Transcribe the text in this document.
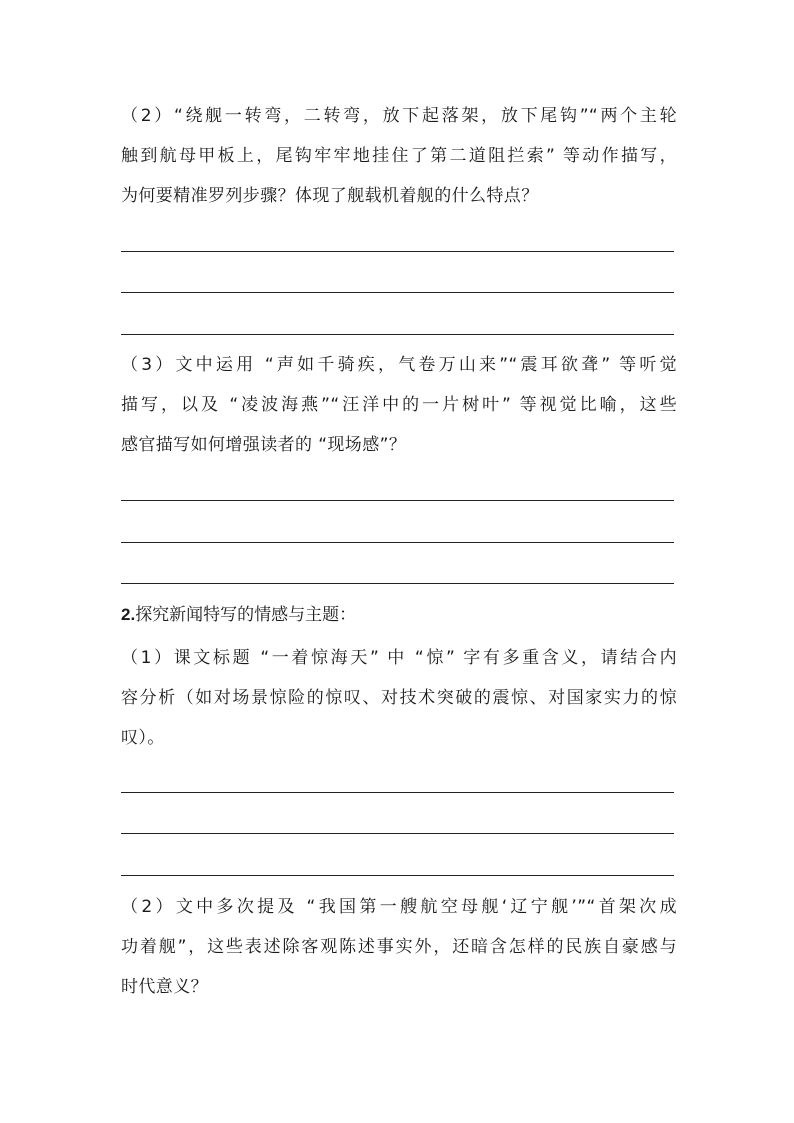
（2）“绕舰一转弯，二转弯，放下起落架，放下尾钩”“两个主轮
触到航母甲板上，尾钩牢牢地挂住了第二道阻拦索” 等动作描写，
为何要精准罗列步骤？体现了舰载机着舰的什么特点？
（3）文中运用 “声如千骑疾，气卷万山来”“震耳欲聋” 等听觉
描写，以及 “凌波海燕”“汪洋中的一片树叶” 等视觉比喻，这些
感官描写如何增强读者的 “现场感”？
2.探究新闻特写的情感与主题：
（1）课文标题 “一着惊海天” 中 “惊” 字有多重含义，请结合内
容分析（如对场景惊险的惊叹、对技术突破的震惊、对国家实力的惊
叹）。
（2）文中多次提及 “我国第一艘航空母舰‘辽宁舰’”“首架次成
功着舰”，这些表述除客观陈述事实外，还暗含怎样的民族自豪感与
时代意义？
